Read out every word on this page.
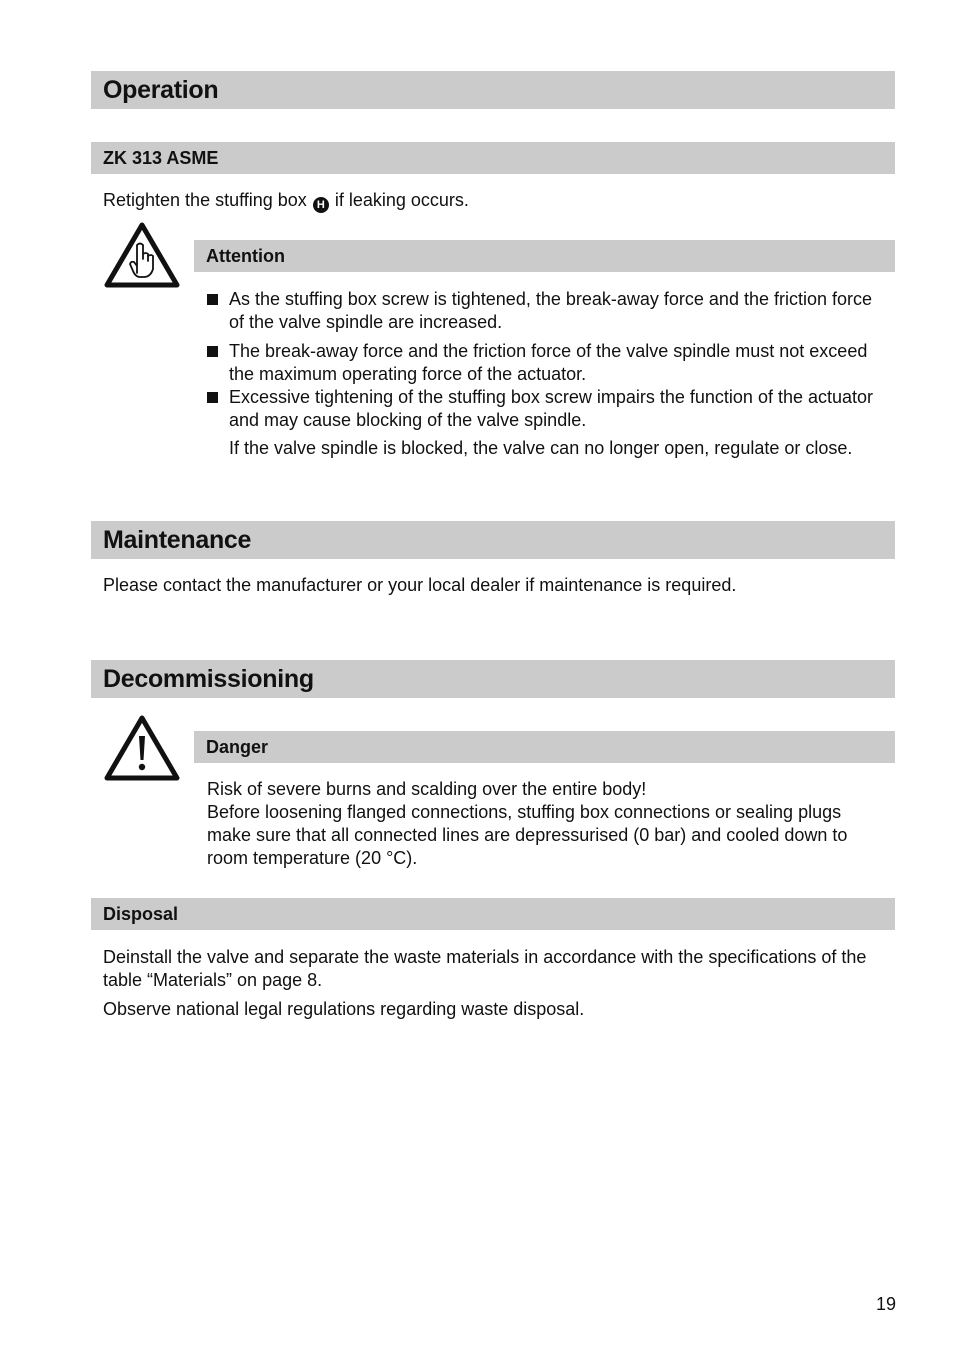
Operation
ZK 313 ASME
Retighten the stuffing box H if leaking occurs.
Attention
As the stuffing box screw is tightened, the break-away force and the friction force of the valve spindle are increased.
The break-away force and the friction force of the valve spindle must not exceed the maximum operating force of the actuator.
Excessive tightening of the stuffing box screw impairs the function of the actuator and may cause blocking of the valve spindle.
If the valve spindle is blocked, the valve can no longer open, regulate or close.
Maintenance
Please contact the manufacturer or your local dealer if maintenance is required.
Decommissioning
Danger
Risk of severe burns and scalding over the entire body!
Before loosening flanged connections, stuffing box connections or sealing plugs make sure that all connected lines are depressurised (0 bar) and cooled down to room temperature (20 °C).
Disposal
Deinstall the valve and separate the waste materials in accordance with the specifications of the table “Materials” on page 8.
Observe national legal regulations regarding waste disposal.
19
